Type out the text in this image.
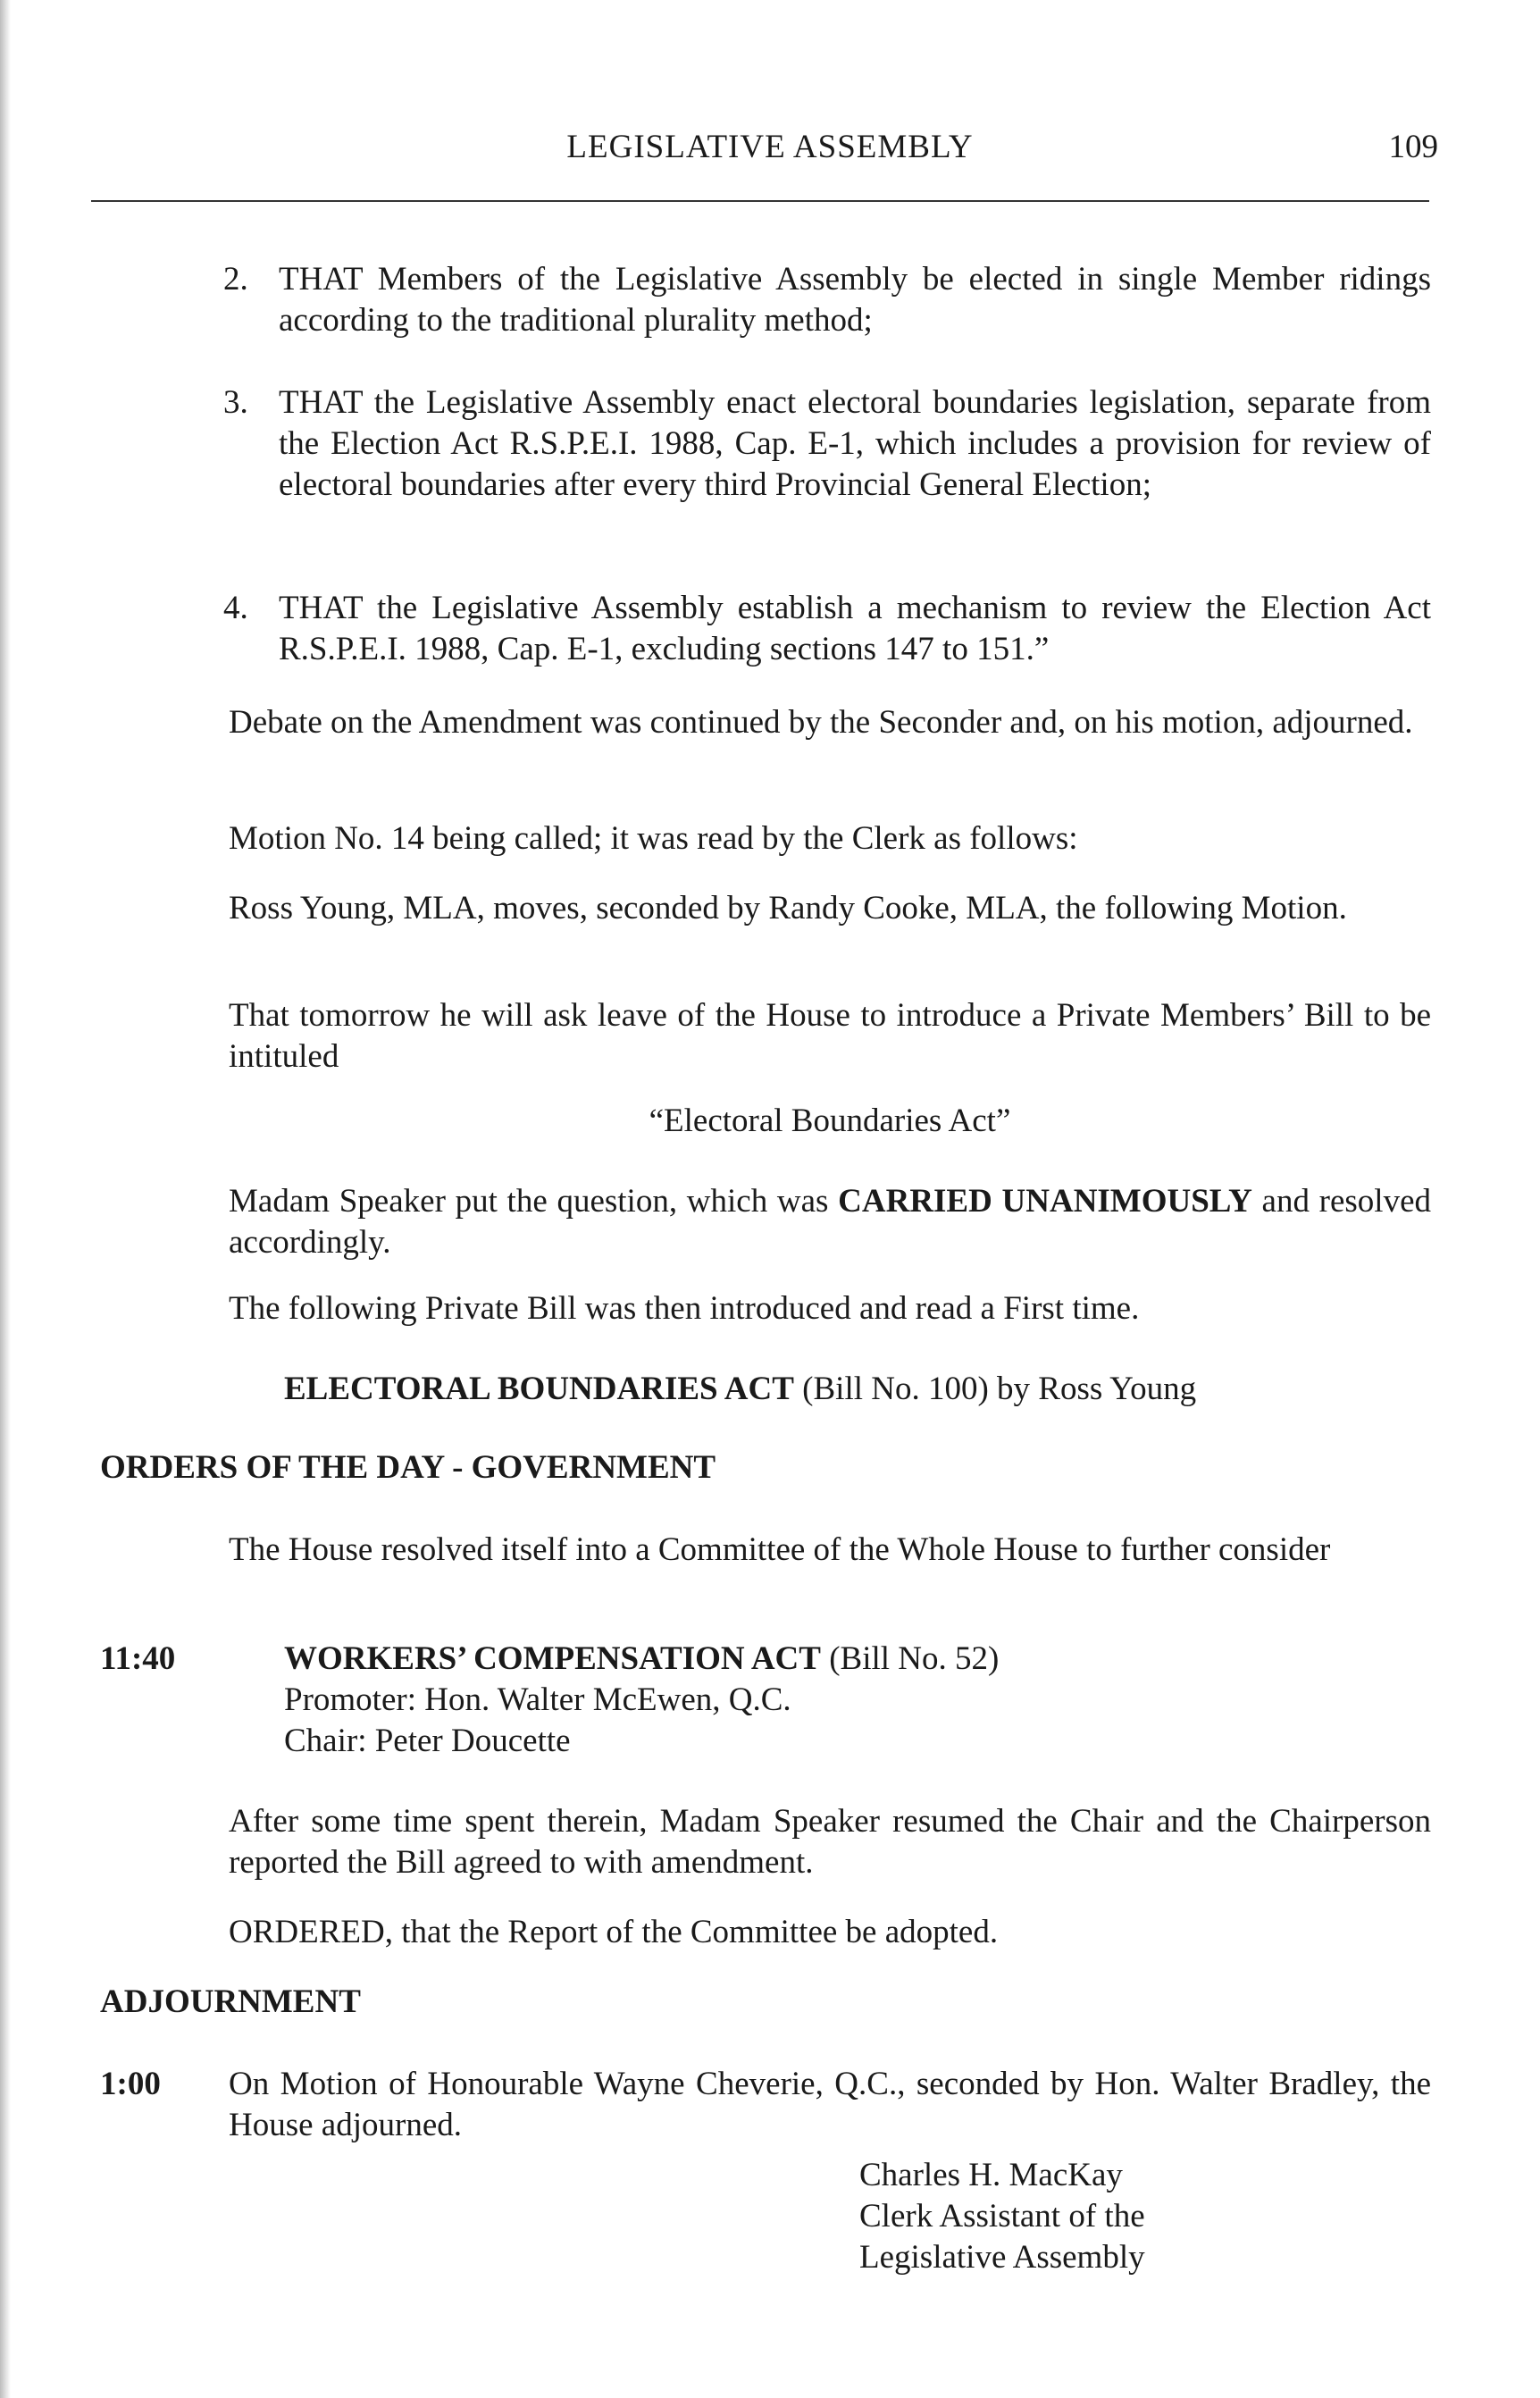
LEGISLATIVE ASSEMBLY	109
2. THAT Members of the Legislative Assembly be elected in single Member ridings according to the traditional plurality method;
3. THAT the Legislative Assembly enact electoral boundaries legislation, separate from the Election Act R.S.P.E.I. 1988, Cap. E-1, which includes a provision for review of electoral boundaries after every third Provincial General Election;
4. THAT the Legislative Assembly establish a mechanism to review the Election Act R.S.P.E.I. 1988, Cap. E-1, excluding sections 147 to 151.”
Debate on the Amendment was continued by the Seconder and, on his motion, adjourned.
Motion No. 14 being called; it was read by the Clerk as follows:
Ross Young, MLA, moves, seconded by Randy Cooke, MLA, the following Motion.
That tomorrow he will ask leave of the House to introduce a Private Members’ Bill to be intituled
“Electoral Boundaries Act”
Madam Speaker put the question, which was CARRIED UNANIMOUSLY and resolved accordingly.
The following Private Bill was then introduced and read a First time.
ELECTORAL BOUNDARIES ACT (Bill No. 100) by Ross Young
ORDERS OF THE DAY - GOVERNMENT
The House resolved itself into a Committee of the Whole House to further consider
11:40	WORKERS’ COMPENSATION ACT (Bill No. 52)
Promoter: Hon. Walter McEwen, Q.C.
Chair: Peter Doucette
After some time spent therein, Madam Speaker resumed the Chair and the Chairperson reported the Bill agreed to with amendment.
ORDERED, that the Report of the Committee be adopted.
ADJOURNMENT
1:00 On Motion of Honourable Wayne Cheverie, Q.C., seconded by Hon. Walter Bradley, the House adjourned.
Charles H. MacKay
Clerk Assistant of the
Legislative Assembly
